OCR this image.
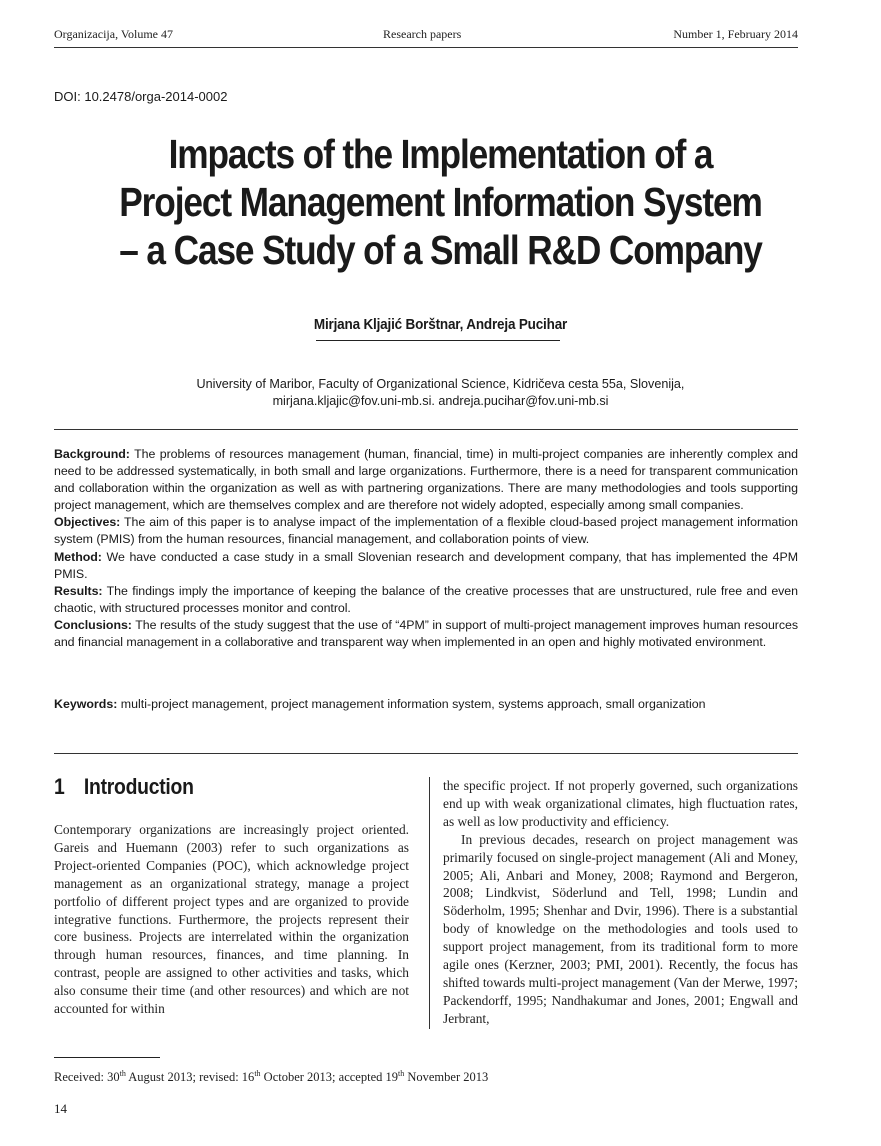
Organizacija, Volume 47	Research papers	Number 1, February 2014
DOI: 10.2478/orga-2014-0002
Impacts of the Implementation of a
Project Management Information System
– a Case Study of a Small R&D Company
Mirjana Kljajić Borštnar, Andreja Pucihar
University of Maribor, Faculty of Organizational Science, Kidričeva cesta 55a, Slovenija,
mirjana.kljajic@fov.uni-mb.si. andreja.pucihar@fov.uni-mb.si

Background: The problems of resources management (human, financial, time) in multi-project companies are inherently complex and need to be addressed systematically, in both small and large organizations. Furthermore, there is a need for transparent communication and collaboration within the organization as well as with partnering organizations. There are many methodologies and tools supporting project management, which are themselves complex and are therefore not widely adopted, especially among small companies.

Objectives: The aim of this paper is to analyse impact of the implementation of a flexible cloud-based project management information system (PMIS) from the human resources, financial management, and collaboration points of view.

Method: We have conducted a case study in a small Slovenian research and development company, that has implemented the 4PM PMIS.

Results: The findings imply the importance of keeping the balance of the creative processes that are unstructured, rule free and even chaotic, with structured processes monitor and control.

Conclusions: The results of the study suggest that the use of “4PM” in support of multi-project management improves human resources and financial management in a collaborative and transparent way when implemented in an open and highly motivated environment.

Keywords: multi-project management, project management information system, systems approach, small organization
1 Introduction

Contemporary organizations are increasingly project oriented. Gareis and Huemann (2003) refer to such organizations as Project-oriented Companies (POC), which acknowledge project management as an organizational strategy, manage a project portfolio of different project types and are organized to provide integrative functions. Furthermore, the projects represent their core business. Projects are interrelated within the organization through human resources, finances, and time planning. In contrast, people are assigned to other activities and tasks, which also consume their time (and other resources) and which are not accounted for within

the specific project. If not properly governed, such organizations end up with weak organizational climates, high fluctuation rates, as well as low productivity and efficiency.

In previous decades, research on project management was primarily focused on single-project management (Ali and Money, 2005; Ali, Anbari and Money, 2008; Raymond and Bergeron, 2008; Lindkvist, Söderlund and Tell, 1998; Lundin and Söderholm, 1995; Shenhar and Dvir, 1996). There is a substantial body of knowledge on the methodologies and tools used to support project management, from its traditional form to more agile ones (Kerzner, 2003; PMI, 2001). Recently, the focus has shifted towards multi-project management (Van der Merwe, 1997; Packendorff, 1995; Nandhakumar and Jones, 2001; Engwall and Jerbrant,

Received: 30th August 2013; revised: 16th October 2013; accepted 19th November 2013
14
